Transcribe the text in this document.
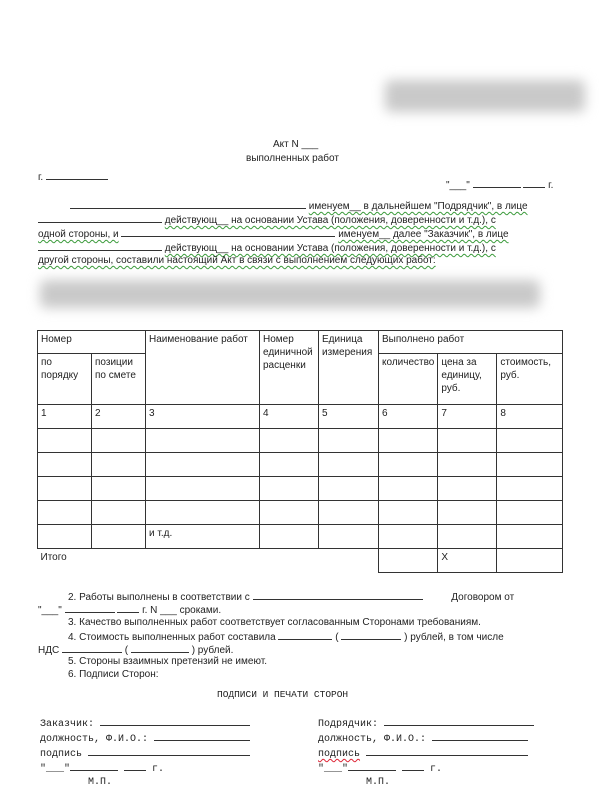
Акт N ___
выполненных работ
г.
"___"	г.
именуем__ в дальнейшем "Подрядчик", в лице
действующ__ на основании Устава (положения, доверенности и т.д.), с
одной стороны, и	именуем__ далее "Заказчик", в лице
действующ__ на основании Устава (положения, доверенности и т.д.), с
другой стороны, составили настоящий Акт в связи с выполнением следующих работ:
Номер		Наименование работ	Номер единичной расценки	Единица измерения	Выполнено работ		
по порядку	позиции по смете				количество	цена за единицу, руб.	стоимость, руб.
1	2	3	4	5	6	7	8

		и т.д.					
Итого						X	
2. Работы выполнены в соответствии с	Договором от
"___"	г. N ___ сроками.
3. Качество выполненных работ соответствует согласованным Сторонами требованиям.
4. Стоимость выполненных работ составила	(	) рублей, в том числе
НДС	(	) рублей.
5. Стороны взаимных претензий не имеют.
6. Подписи Сторон:
ПОДПИСИ И ПЕЧАТИ СТОРОН
Заказчик:
должность, Ф.И.О.:
подпись
"___"	г.
М.П.
Подрядчик:
должность, Ф.И.О.:
подпись
"___"	г.
М.П.
